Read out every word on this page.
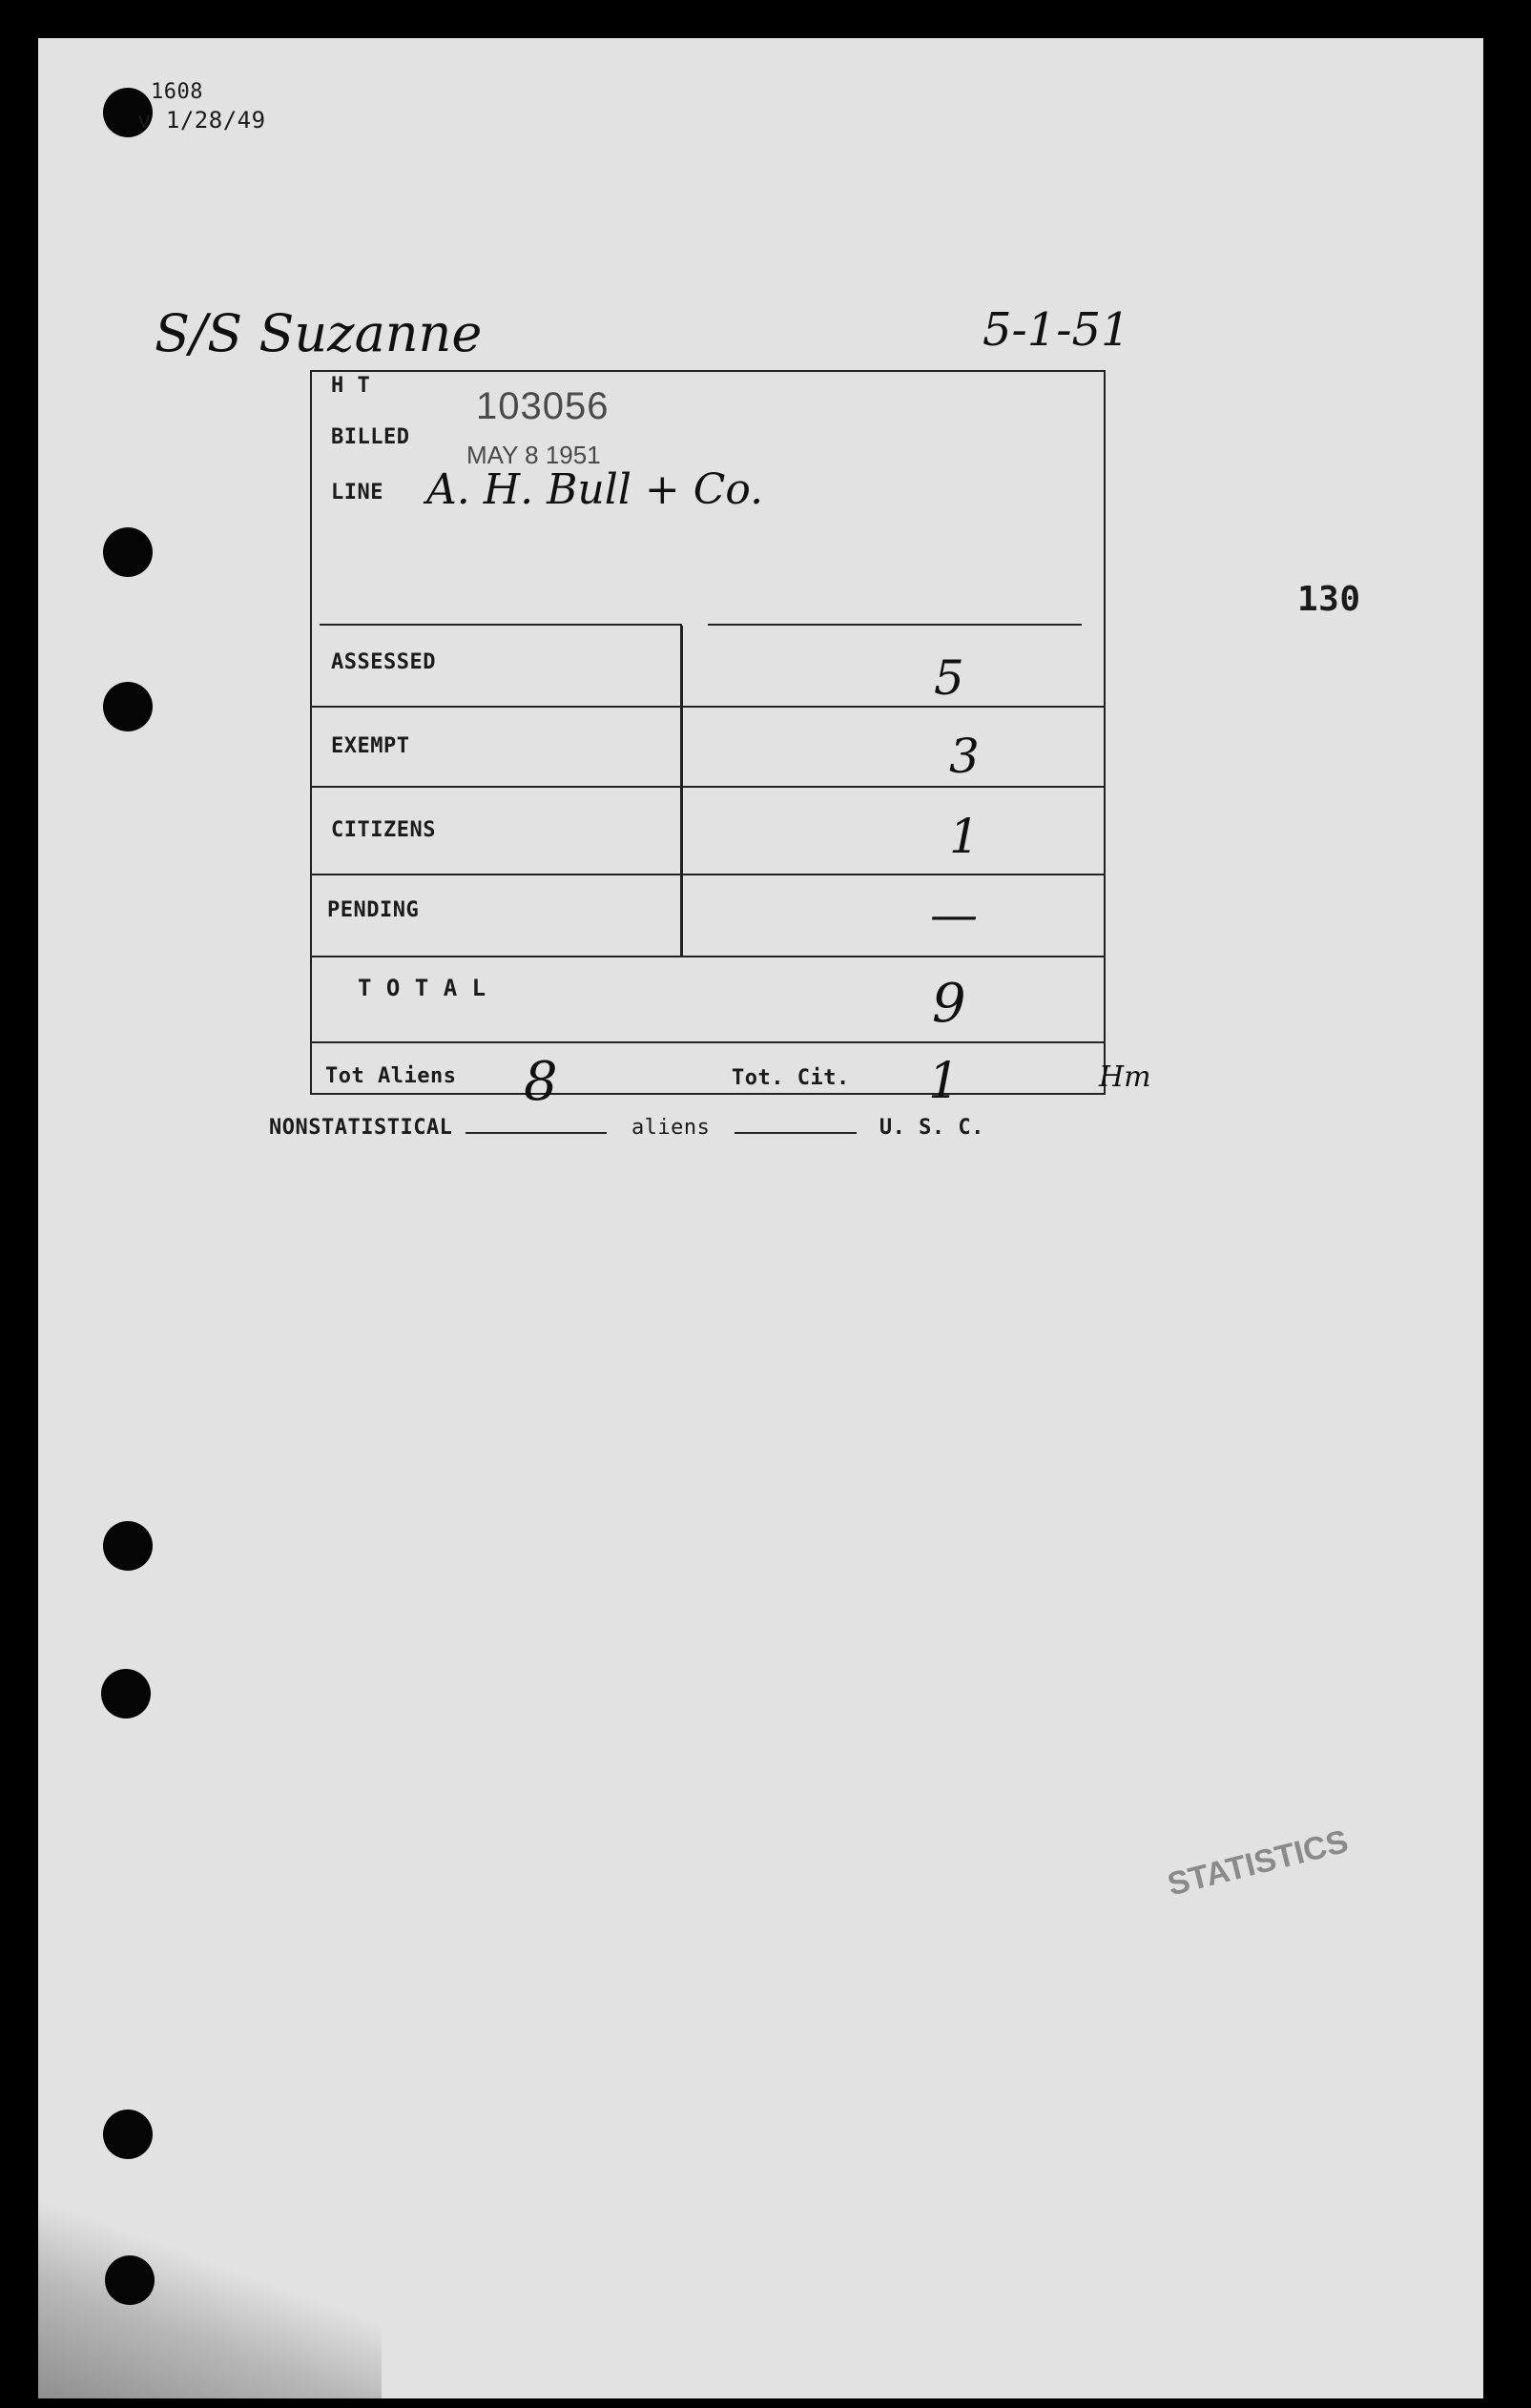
1608
v 1/28/49
S/S Suzanne	5-1-51
130
H T	103056
BILLED
MAY 8 1951
LINE A. H. Bull + Co.
ASSESSED	5
EXEMPT	3
CITIZENS	1
PENDING	—
T O T A L	9
Tot Aliens 8	Tot. Cit. 1	Hm
NONSTATISTICAL	aliens	U. S. C.
STATISTICS
